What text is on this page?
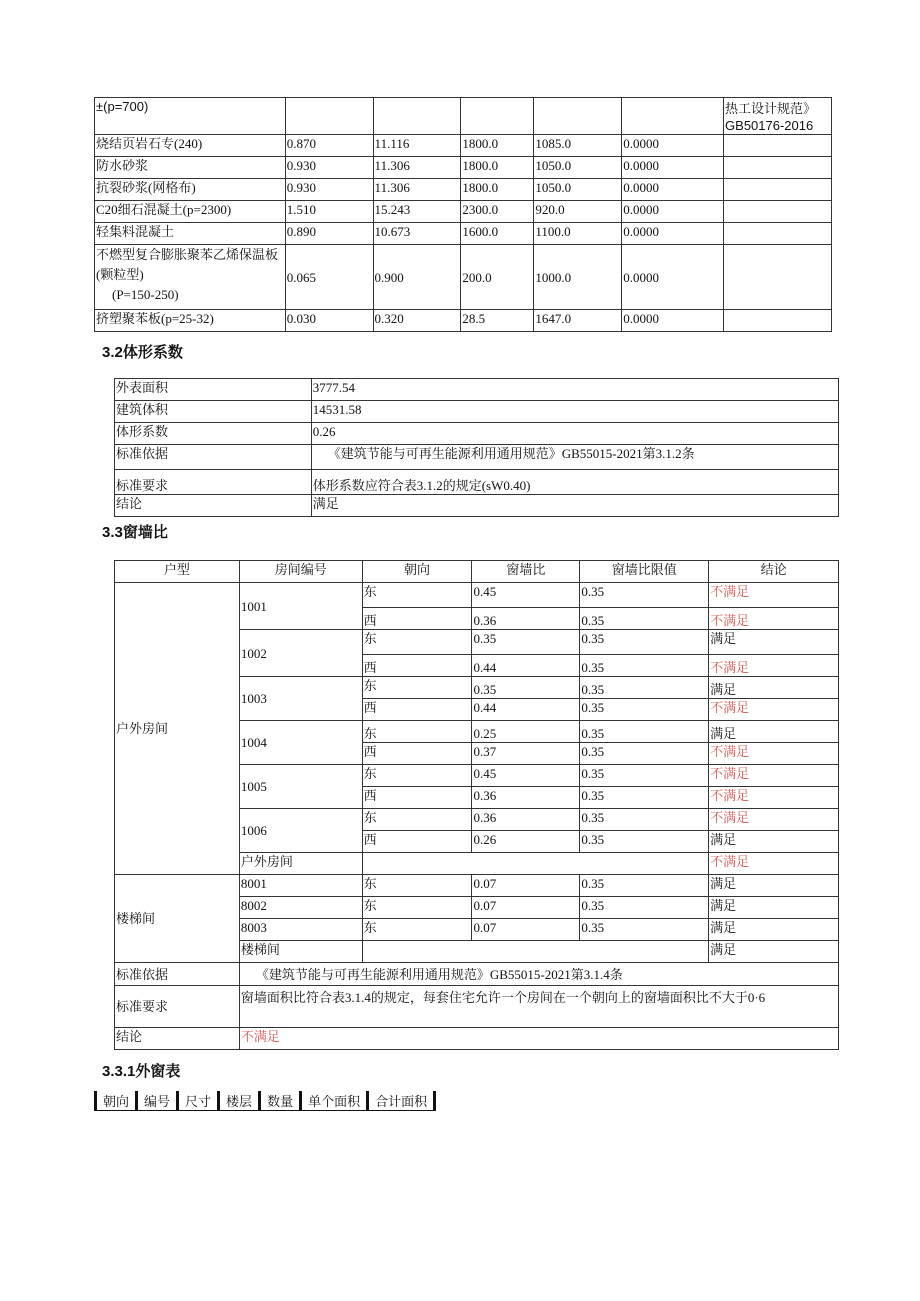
±(p=700)						热工设计规范》
GB50176-2016

烧结页岩石专(240)	0.870	11.116	1800.0	1085.0	0.0000	
防水砂浆	0.930	11.306	1800.0	1050.0	0.0000	
抗裂砂浆(网格布)	0.930	11.306	1800.0	1050.0	0.0000	
C20细石混凝土(p=2300)	1.510	15.243	2300.0	920.0	0.0000	
轻集料混凝土	0.890	10.673	1600.0	1100.0	0.0000	

不燃型复合膨胀聚苯乙烯保温板(颗粒型)
(P=150-250)	0.065	0.900	200.0	1000.0	0.0000	
挤塑聚苯板(p=25-32)	0.030	0.320	28.5	1647.0	0.0000	
3.2体形系数
外表面积	3777.54
建筑体积	14531.58
体形系数	0.26
标准依据	《建筑节能与可再生能源利用通用规范》GB55015-2021第3.1.2条
标准要求	体形系数应符合表3.1.2的规定(sW0.40)
结论	满足
3.3窗墙比
户型	房间编号	朝向	窗墙比	窗墙比限值	结论
户外房间	1001	东	0.45	0.35	不满足
		西	0.36	0.35	不满足
	1002	东	0.35	0.35	满足
		西	0.44	0.35	不满足
	1003	东	0.35	0.35	满足
		西	0.44	0.35	不满足
	1004	东	0.25	0.35	满足
		西	0.37	0.35	不满足
	1005	东	0.45	0.35	不满足
		西	0.36	0.35	不满足
	1006	东	0.36	0.35	不满足
		西	0.26	0.35	满足
	户外房间				不满足
楼梯间	8001	东	0.07	0.35	满足
	8002	东	0.07	0.35	满足
	8003	东	0.07	0.35	满足
	楼梯间				满足
标准依据	《建筑节能与可再生能源利用通用规范》GB55015-2021第3.1.4条				
标准要求	窗墙面积比符合表3.1.4的规定，每套住宅允许一个房间在一个朝向上的窗墙面积比不大于0·6				
结论	不满足				
3.3.1外窗表
朝向	编号	尺寸	楼层	数量	单个面积	合计面积
